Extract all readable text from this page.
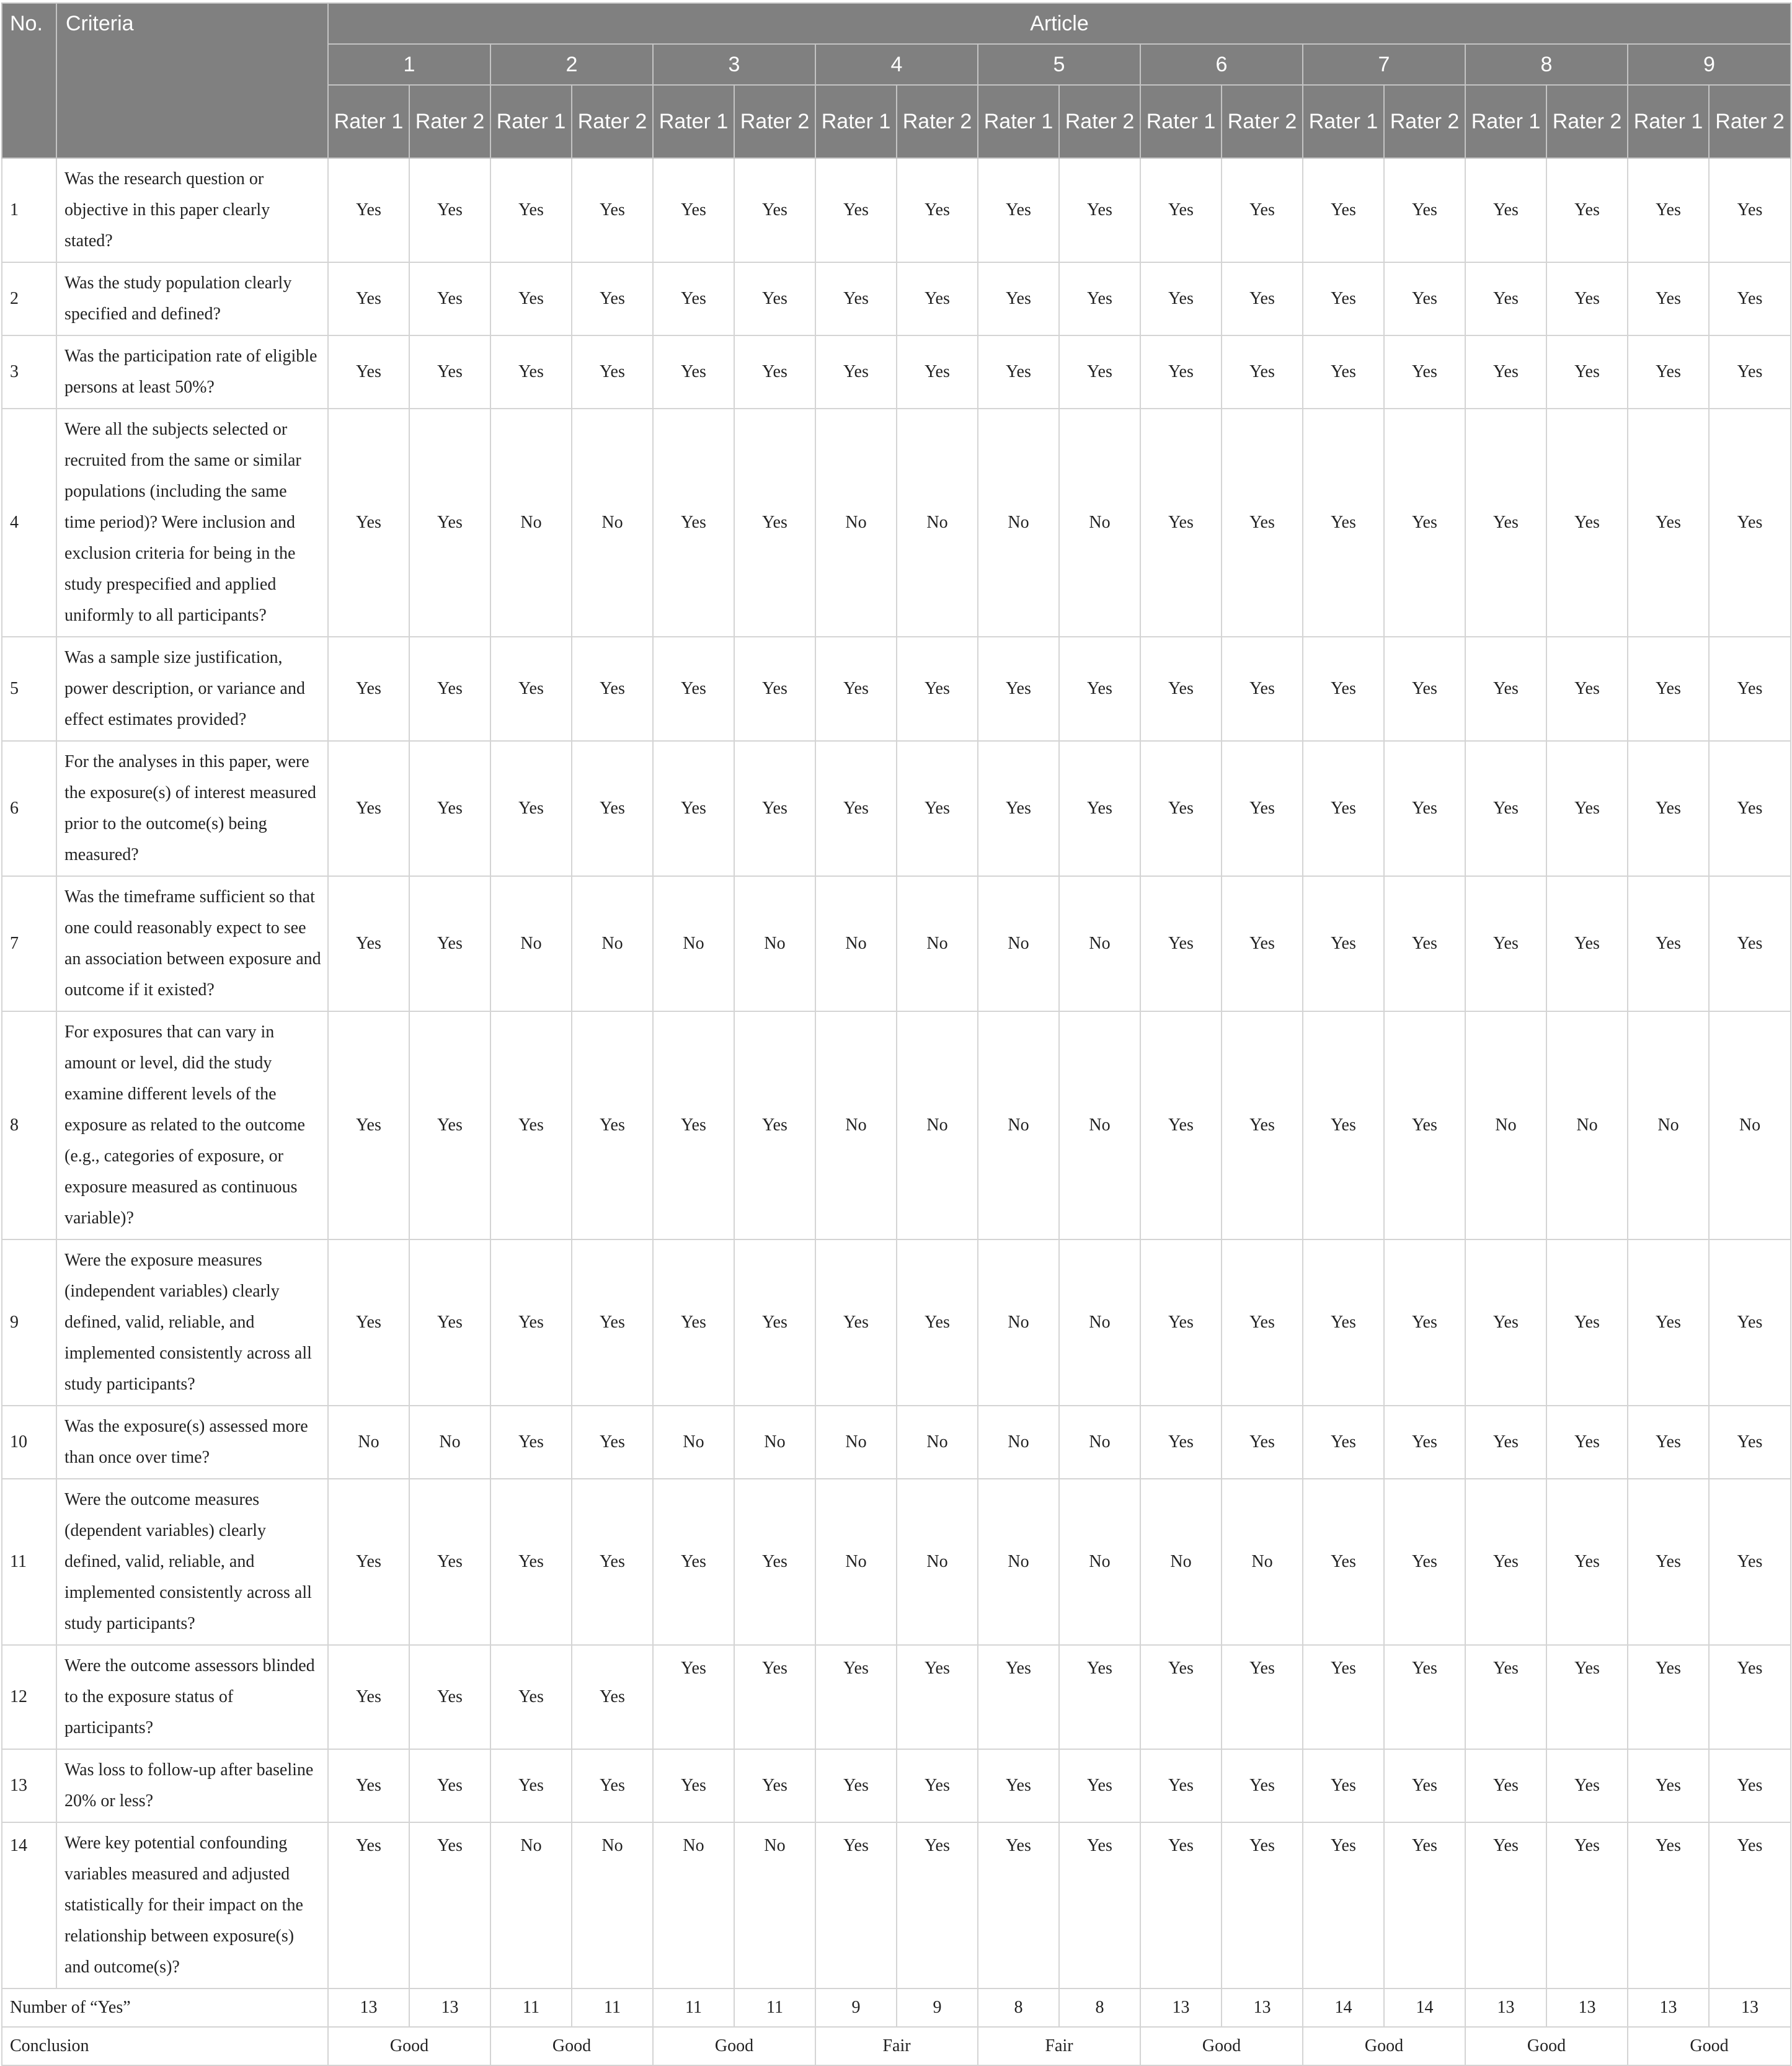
No.	Criteria	Article																	
		1		2		3		4		5		6		7		8		9	
		Rater 1	Rater 2	Rater 1	Rater 2	Rater 1	Rater 2	Rater 1	Rater 2	Rater 1	Rater 2	Rater 1	Rater 2	Rater 1	Rater 2	Rater 1	Rater 2	Rater 1	Rater 2
1	Was the research question or objective in this paper clearly stated?	Yes	Yes	Yes	Yes	Yes	Yes	Yes	Yes	Yes	Yes	Yes	Yes	Yes	Yes	Yes	Yes	Yes	Yes
2	Was the study population clearly specified and defined?	Yes	Yes	Yes	Yes	Yes	Yes	Yes	Yes	Yes	Yes	Yes	Yes	Yes	Yes	Yes	Yes	Yes	Yes
3	Was the participation rate of eligible persons at least 50%?	Yes	Yes	Yes	Yes	Yes	Yes	Yes	Yes	Yes	Yes	Yes	Yes	Yes	Yes	Yes	Yes	Yes	Yes
4	Were all the subjects selected or recruited from the same or similar populations (including the same time period)? Were inclusion and exclusion criteria for being in the study prespecified and applied uniformly to all participants?	Yes	Yes	No	No	Yes	Yes	No	No	No	No	Yes	Yes	Yes	Yes	Yes	Yes	Yes	Yes
5	Was a sample size justification, power description, or variance and effect estimates provided?	Yes	Yes	Yes	Yes	Yes	Yes	Yes	Yes	Yes	Yes	Yes	Yes	Yes	Yes	Yes	Yes	Yes	Yes
6	For the analyses in this paper, were the exposure(s) of interest measured prior to the outcome(s) being measured?	Yes	Yes	Yes	Yes	Yes	Yes	Yes	Yes	Yes	Yes	Yes	Yes	Yes	Yes	Yes	Yes	Yes	Yes
7	Was the timeframe sufficient so that one could reasonably expect to see an association between exposure and outcome if it existed?	Yes	Yes	No	No	No	No	No	No	No	No	Yes	Yes	Yes	Yes	Yes	Yes	Yes	Yes
8	For exposures that can vary in amount or level, did the study examine different levels of the exposure as related to the outcome (e.g., categories of exposure, or exposure measured as continuous variable)?	Yes	Yes	Yes	Yes	Yes	Yes	No	No	No	No	Yes	Yes	Yes	Yes	No	No	No	No
9	Were the exposure measures (independent variables) clearly defined, valid, reliable, and implemented consistently across all study participants?	Yes	Yes	Yes	Yes	Yes	Yes	Yes	Yes	No	No	Yes	Yes	Yes	Yes	Yes	Yes	Yes	Yes
10	Was the exposure(s) assessed more than once over time?	No	No	Yes	Yes	No	No	No	No	No	No	Yes	Yes	Yes	Yes	Yes	Yes	Yes	Yes
11	Were the outcome measures (dependent variables) clearly defined, valid, reliable, and implemented consistently across all study participants?	Yes	Yes	Yes	Yes	Yes	Yes	No	No	No	No	No	No	Yes	Yes	Yes	Yes	Yes	Yes
12	Were the outcome assessors blinded to the exposure status of participants?	Yes	Yes	Yes	Yes	Yes	Yes	Yes	Yes	Yes	Yes	Yes	Yes	Yes	Yes	Yes	Yes	Yes	Yes
13	Was loss to follow-up after baseline 20% or less?	Yes	Yes	Yes	Yes	Yes	Yes	Yes	Yes	Yes	Yes	Yes	Yes	Yes	Yes	Yes	Yes	Yes	Yes
14	Were key potential confounding variables measured and adjusted statistically for their impact on the relationship between exposure(s) and outcome(s)?	Yes	Yes	No	No	No	No	Yes	Yes	Yes	Yes	Yes	Yes	Yes	Yes	Yes	Yes	Yes	Yes
Number of “Yes”		13	13	11	11	11	11	9	9	8	8	13	13	14	14	13	13	13	13
Conclusion		Good		Good		Good		Fair		Fair		Good		Good		Good		Good	
